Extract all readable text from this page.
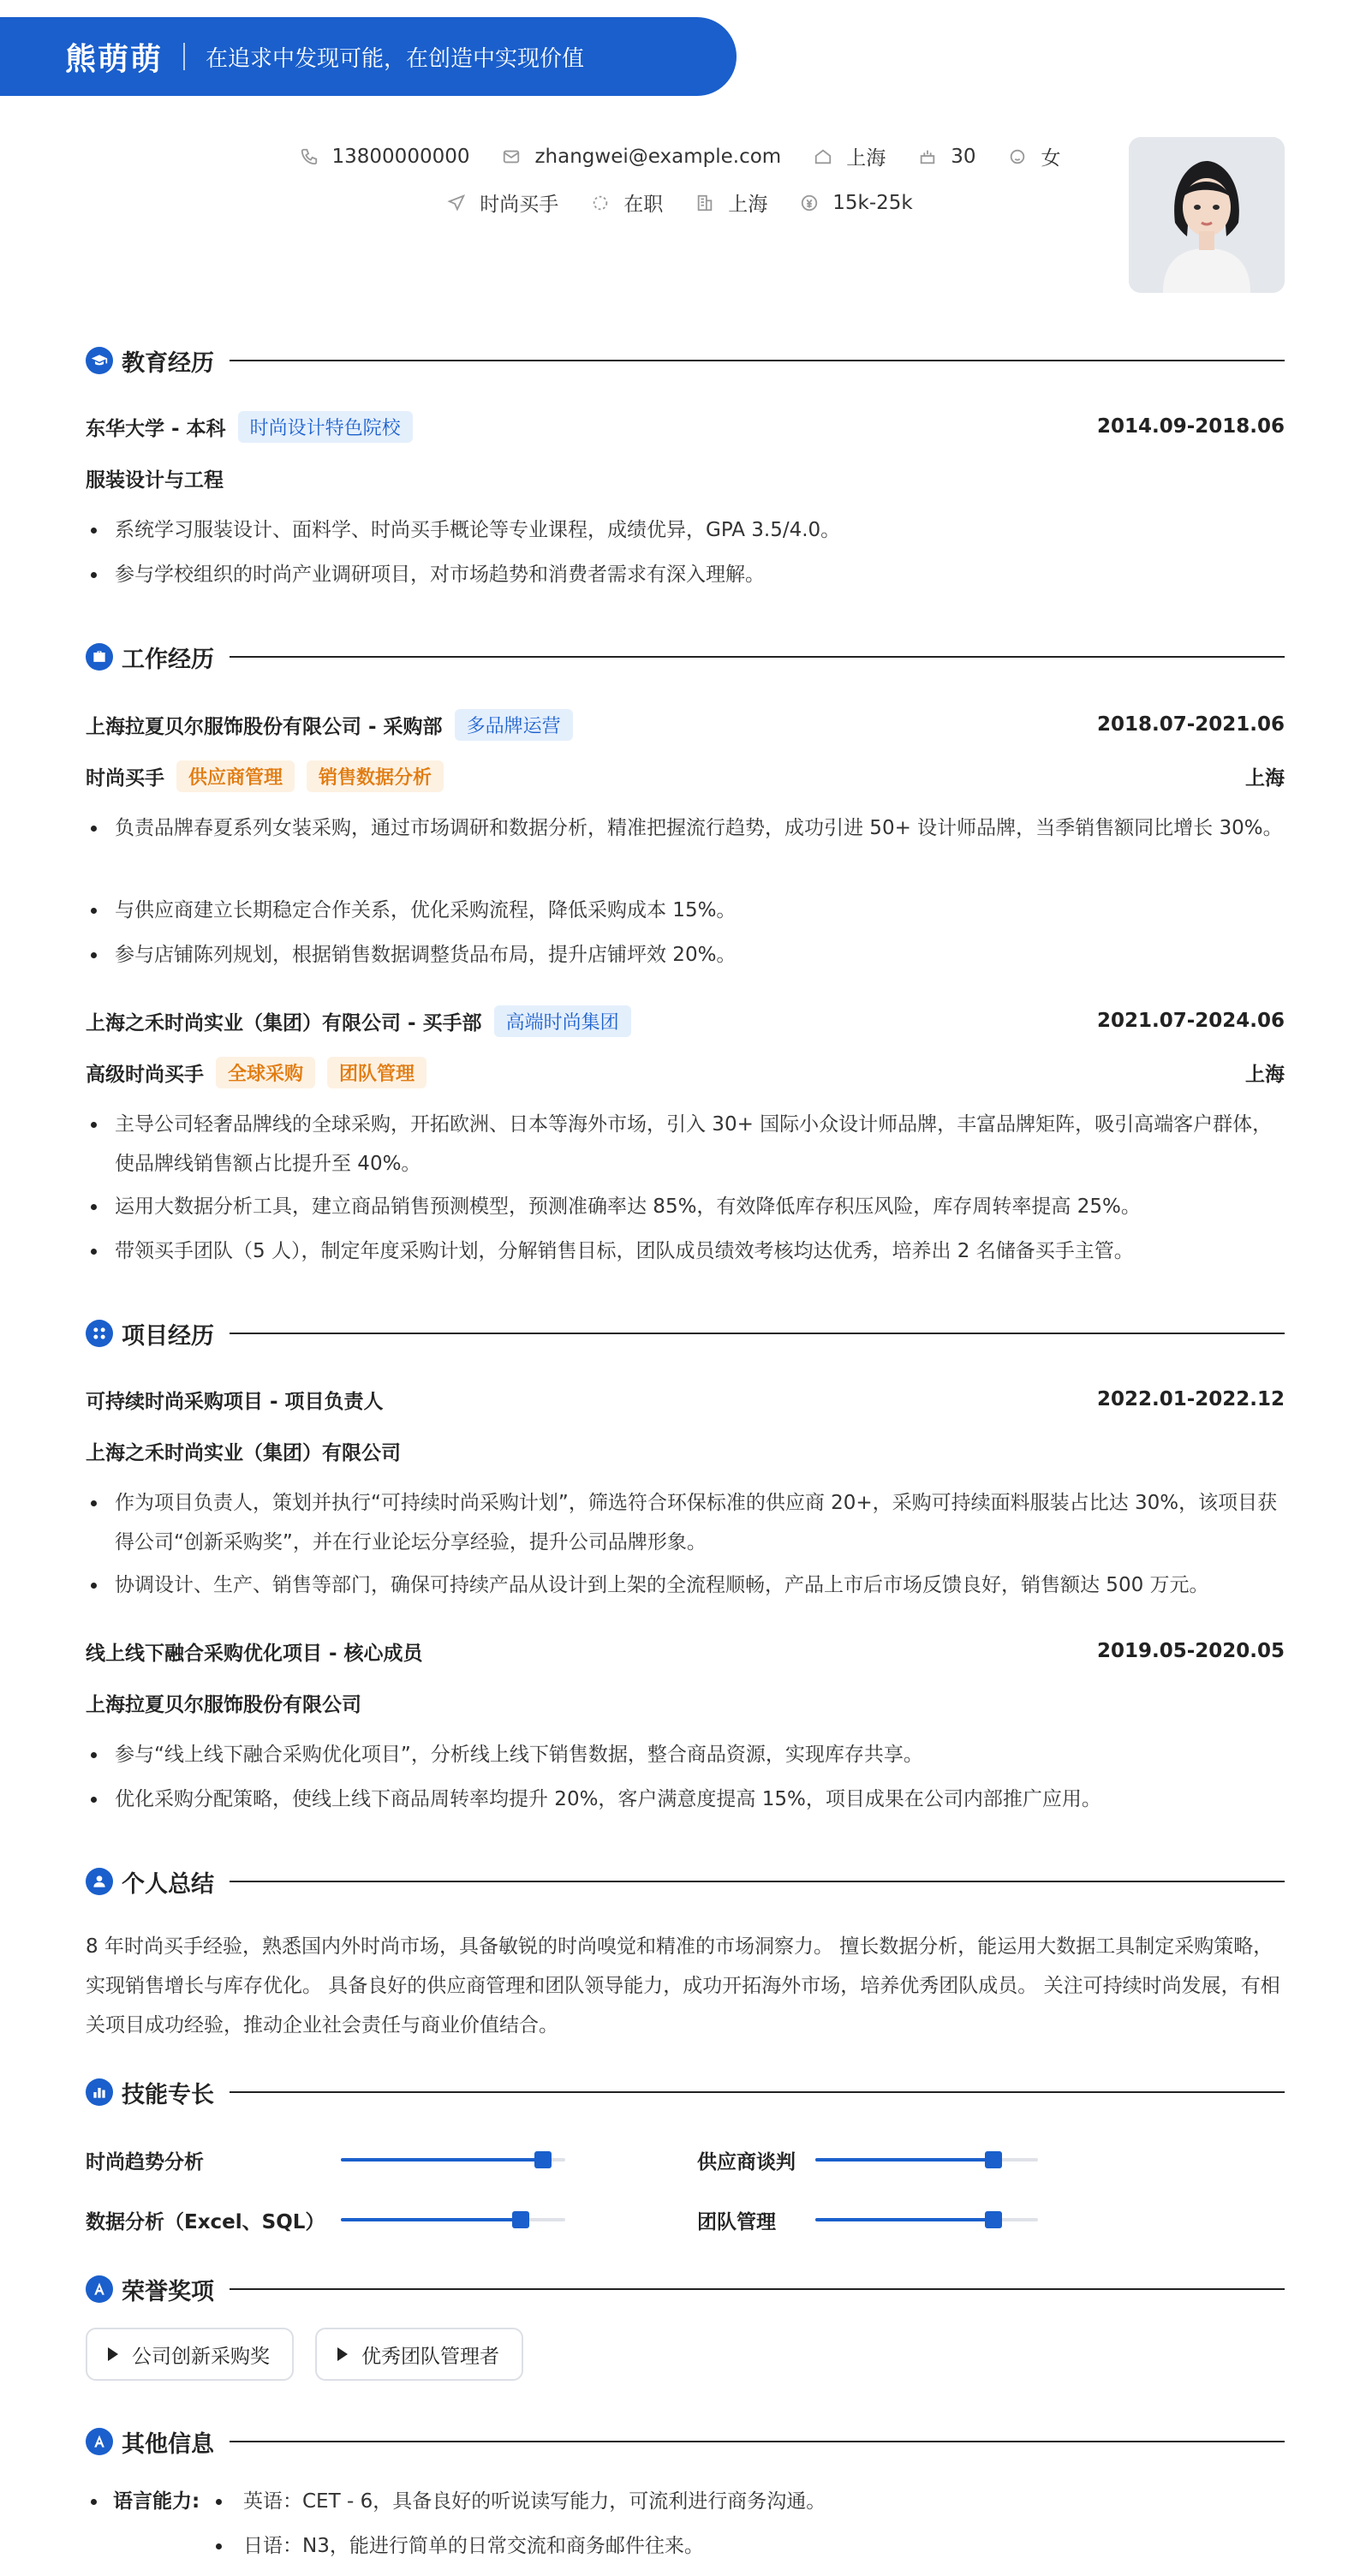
熊萌萌 在追求中发现可能，在创造中实现价值
13800000000	zhangwei@example.com	上海	30	女
时尚买手	在职	上海	15k-25k
教育经历
东华大学 - 本科	时尚设计特色院校	2014.09-2018.06
服装设计与工程
系统学习服装设计、面料学、时尚买手概论等专业课程，成绩优异，GPA 3.5/4.0。
参与学校组织的时尚产业调研项目，对市场趋势和消费者需求有深入理解。
工作经历
上海拉夏贝尔服饰股份有限公司 - 采购部	多品牌运营	2018.07-2021.06
时尚买手	供应商管理	销售数据分析	上海
负责品牌春夏系列女装采购，通过市场调研和数据分析，精准把握流行趋势，成功引进 50+ 设计师品牌，当季销售额同比增长 30%。
与供应商建立长期稳定合作关系，优化采购流程，降低采购成本 15%。
参与店铺陈列规划，根据销售数据调整货品布局，提升店铺坪效 20%。
上海之禾时尚实业（集团）有限公司 - 买手部	高端时尚集团	2021.07-2024.06
高级时尚买手	全球采购	团队管理	上海
主导公司轻奢品牌线的全球采购，开拓欧洲、日本等海外市场，引入 30+ 国际小众设计师品牌，丰富品牌矩阵，吸引高端客户群体，使品牌线销售额占比提升至 40%。
运用大数据分析工具，建立商品销售预测模型，预测准确率达 85%，有效降低库存积压风险，库存周转率提高 25%。
带领买手团队（5 人），制定年度采购计划，分解销售目标，团队成员绩效考核均达优秀，培养出 2 名储备买手主管。
项目经历
可持续时尚采购项目 - 项目负责人	2022.01-2022.12
上海之禾时尚实业（集团）有限公司
作为项目负责人，策划并执行“可持续时尚采购计划”，筛选符合环保标准的供应商 20+，采购可持续面料服装占比达 30%，该项目获得公司“创新采购奖”，并在行业论坛分享经验，提升公司品牌形象。
协调设计、生产、销售等部门，确保可持续产品从设计到上架的全流程顺畅，产品上市后市场反馈良好，销售额达 500 万元。
线上线下融合采购优化项目 - 核心成员	2019.05-2020.05
上海拉夏贝尔服饰股份有限公司
参与“线上线下融合采购优化项目”，分析线上线下销售数据，整合商品资源，实现库存共享。
优化采购分配策略，使线上线下商品周转率均提升 20%，客户满意度提高 15%，项目成果在公司内部推广应用。
个人总结
8 年时尚买手经验，熟悉国内外时尚市场，具备敏锐的时尚嗅觉和精准的市场洞察力。 擅长数据分析，能运用大数据工具制定采购策略，实现销售增长与库存优化。 具备良好的供应商管理和团队领导能力，成功开拓海外市场，培养优秀团队成员。 关注可持续时尚发展，有相关项目成功经验，推动企业社会责任与商业价值结合。
技能专长
时尚趋势分析	供应商谈判
数据分析（Excel、SQL）	团队管理
荣誉奖项
公司创新采购奖	优秀团队管理者
其他信息
语言能力: 英语：CET - 6，具备良好的听说读写能力，可流利进行商务沟通。
日语：N3，能进行简单的日常交流和商务邮件往来。
